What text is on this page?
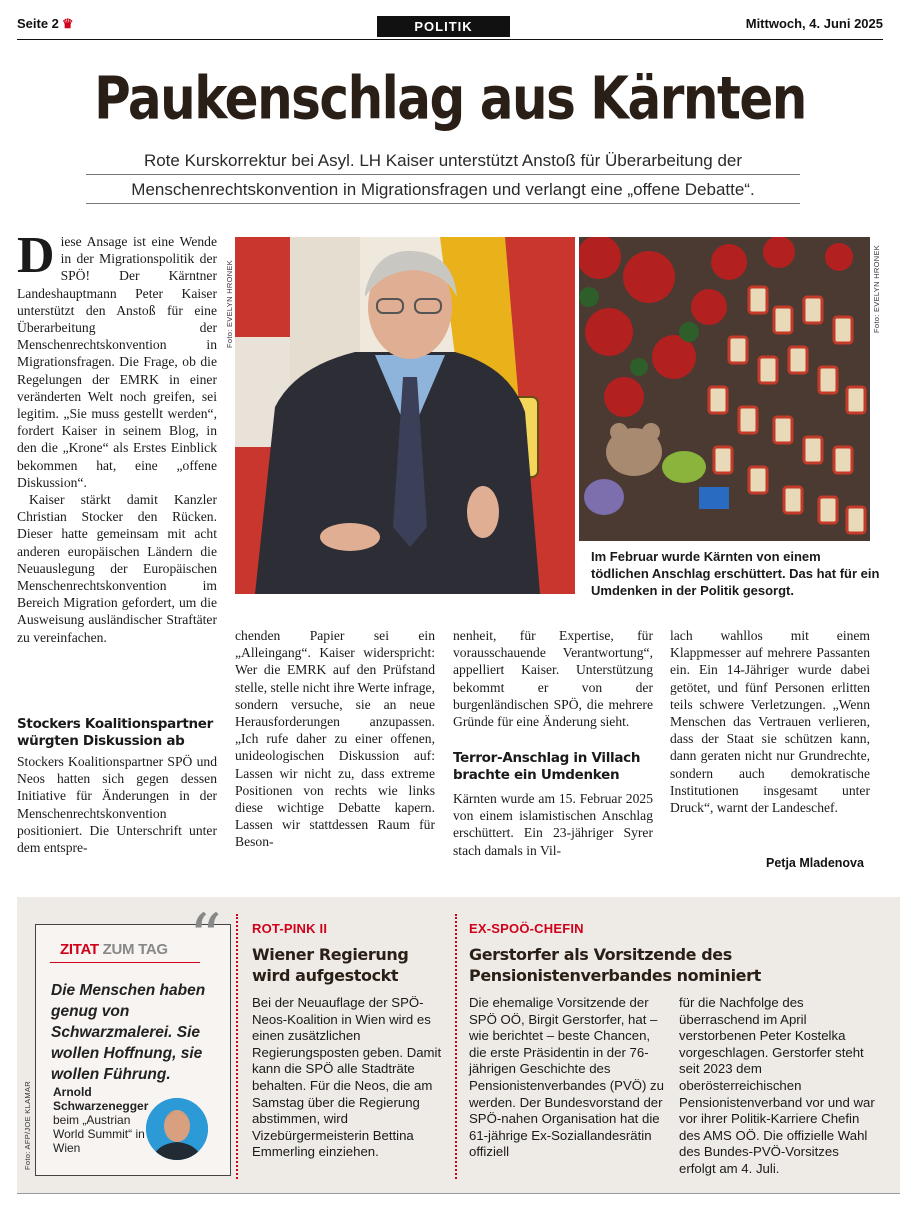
Seite 2 ♛	POLITIK	Mittwoch, 4. Juni 2025
Paukenschlag aus Kärnten
Rote Kurskorrektur bei Asyl. LH Kaiser unterstützt Anstoß für Überarbeitung der
Menschenrechtskonvention in Migrationsfragen und verlangt eine „offene Debatte“.

Diese Ansage ist eine Wende in der Migrationspolitik der SPÖ! Der Kärntner Landeshauptmann Peter Kaiser unterstützt den Anstoß für eine Überarbeitung der Menschenrechtskonvention in Migrationsfragen. Die Frage, ob die Regelungen der EMRK in einer veränderten Welt noch greifen, sei legitim. „Sie muss gestellt werden“, fordert Kaiser in seinem Blog, in den die „Krone“ als Erstes Einblick bekommen hat, eine „offene Diskussion“.

Kaiser stärkt damit Kanzler Christian Stocker den Rücken. Dieser hatte gemeinsam mit acht anderen europäischen Ländern die Neuauslegung der Europäischen Menschenrechtskonvention im Bereich Migration gefordert, um die Ausweisung ausländischer Straftäter zu vereinfachen.

Stockers Koalitionspartner würgten Diskussion ab

Stockers Koalitionspartner SPÖ und Neos hatten sich gegen dessen Initiative für Änderungen in der Menschenrechtskonvention positioniert. Die Unterschrift unter dem entspre-

Foto: EVELYN HRONEK	Foto: EVELYN HRONEK
Im Februar wurde Kärnten von einem tödlichen Anschlag erschüttert. Das hat für ein Umdenken in der Politik gesorgt.

chenden Papier sei ein „Alleingang“. Kaiser widerspricht: Wer die EMRK auf den Prüfstand stelle, stelle nicht ihre Werte infrage, sondern versuche, sie an neue Herausforderungen anzupassen. „Ich rufe daher zu einer offenen, unideologischen Diskussion auf: Lassen wir nicht zu, dass extreme Positionen von rechts wie links diese wichtige Debatte kapern. Lassen wir stattdessen Raum für Beson-

nenheit, für Expertise, für vorausschauende Verantwortung“, appelliert Kaiser. Unterstützung bekommt er von der burgenländischen SPÖ, die mehrere Gründe für eine Änderung sieht.

Terror-Anschlag in Villach brachte ein Umdenken

Kärnten wurde am 15. Februar 2025 von einem islamistischen Anschlag erschüttert. Ein 23-jähriger Syrer stach damals in Vil-

lach wahllos mit einem Klappmesser auf mehrere Passanten ein. Ein 14-Jähriger wurde dabei getötet, und fünf Personen erlitten teils schwere Verletzungen. „Wenn Menschen das Vertrauen verlieren, dass der Staat sie schützen kann, dann geraten nicht nur Grundrechte, sondern auch demokratische Institutionen insgesamt unter Druck“, warnt der Landeschef.

Petja Mladenova
ZITAT ZUM TAG “
Die Menschen haben genug von Schwarzmalerei. Sie wollen Hoffnung, sie wollen Führung.
Arnold Schwarzenegger
beim „Austrian World Summit“ in Wien
Foto: AFP/JOE KLAMAR
ROT-PINK II
Wiener Regierung wird aufgestockt
Bei der Neuauflage der SPÖ-Neos-Koalition in Wien wird es einen zusätzlichen Regierungsposten geben. Damit kann die SPÖ alle Stadträte behalten. Für die Neos, die am Samstag über die Regierung abstimmen, wird Vizebürgermeisterin Bettina Emmerling einziehen.
EX-SPOÖ-CHEFIN
Gerstorfer als Vorsitzende des Pensionistenverbandes nominiert
Die ehemalige Vorsitzende der SPÖ OÖ, Birgit Gerstorfer, hat – wie berichtet – beste Chancen, die erste Präsidentin in der 76-jährigen Geschichte des Pensionistenverbandes (PVÖ) zu werden. Der Bundesvorstand der SPÖ-nahen Organisation hat die 61-jährige Ex-Soziallandesrätin offiziell
für die Nachfolge des überraschend im April verstorbenen Peter Kostelka vorgeschlagen. Gerstorfer steht seit 2023 dem oberösterreichischen Pensionistenverband vor und war vor ihrer Politik-Karriere Chefin des AMS OÖ. Die offizielle Wahl des Bundes-PVÖ-Vorsitzes erfolgt am 4. Juli.
